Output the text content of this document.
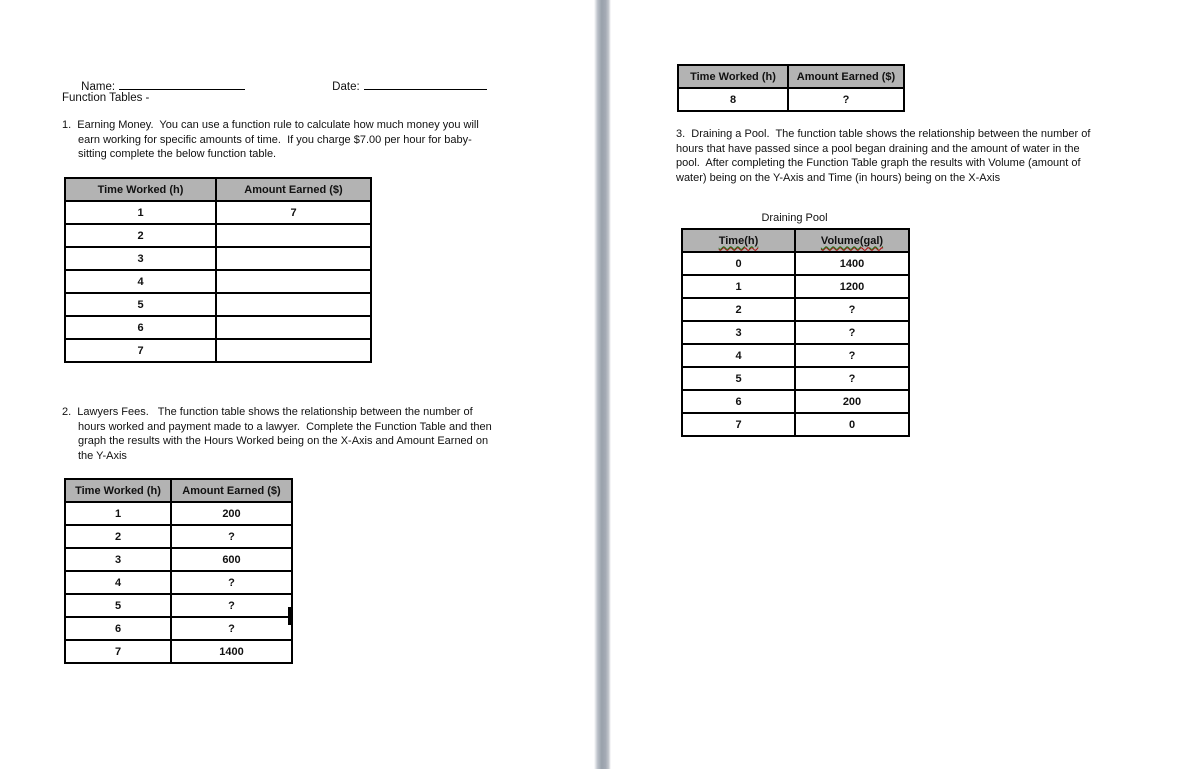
Name:
	Date:

Function Tables -
1.  Earning Money.  You can use a function rule to calculate how much money you will
earn working for specific amounts of time.  If you charge $7.00 per hour for baby-
sitting complete the below function table.
Time Worked (h)	Amount Earned ($)
1	7
2	
3	
4	
5	
6	
7	
2.  Lawyers Fees.   The function table shows the relationship between the number of
hours worked and payment made to a lawyer.  Complete the Function Table and then
graph the results with the Hours Worked being on the X-Axis and Amount Earned on
the Y-Axis
Time Worked (h)	Amount Earned ($)
1	200
2	?
3	600
4	?
5	?
6	?
7	1400
Time Worked (h)	Amount Earned ($)
8	?
3.  Draining a Pool.  The function table shows the relationship between the number of
hours that have passed since a pool began draining and the amount of water in the
pool.  After completing the Function Table graph the results with Volume (amount of
water) being on the Y-Axis and Time (in hours) being on the X-Axis
Draining Pool
Time(h)	Volume(gal)
0	1400
1	1200
2	?
3	?
4	?
5	?
6	200
7	0
